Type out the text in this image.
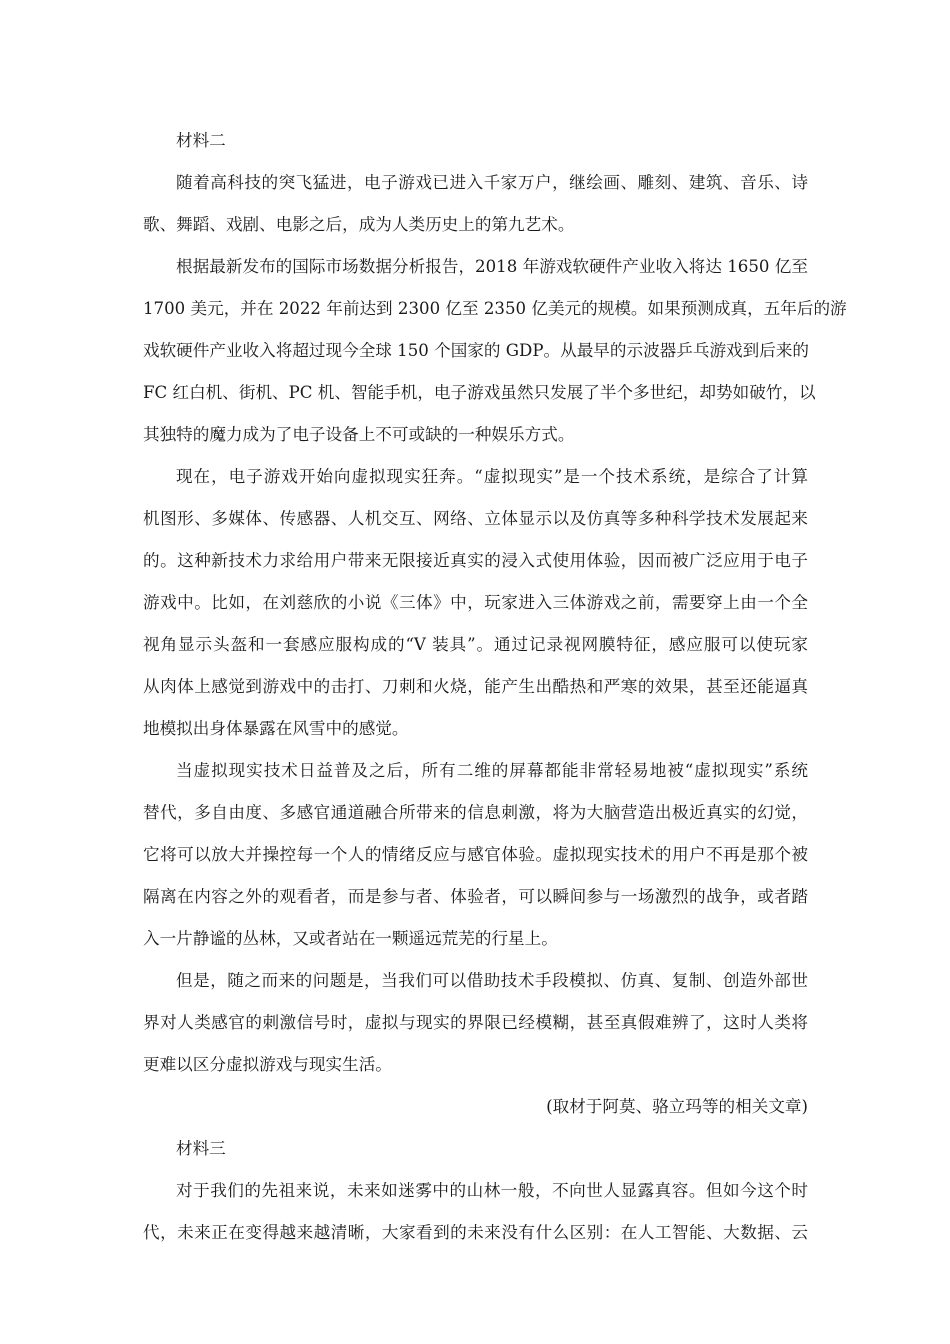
材料二
随着高科技的突飞猛进，电子游戏已进入千家万户，继绘画、雕刻、建筑、音乐、诗
歌、舞蹈、戏剧、电影之后，成为人类历史上的第九艺术。
根据最新发布的国际市场数据分析报告，2018 年游戏软硬件产业收入将达 1650 亿至
1700 美元，并在 2022 年前达到 2300 亿至 2350 亿美元的规模。如果预测成真，五年后的游
戏软硬件产业收入将超过现今全球 150 个国家的 GDP。从最早的示波器乒乓游戏到后来的
FC 红白机、街机、PC 机、智能手机，电子游戏虽然只发展了半个多世纪，却势如破竹，以
其独特的魔力成为了电子设备上不可或缺的一种娱乐方式。
现在，电子游戏开始向虚拟现实狂奔。“虚拟现实”是一个技术系统，是综合了计算
机图形、多媒体、传感器、人机交互、网络、立体显示以及仿真等多种科学技术发展起来
的。这种新技术力求给用户带来无限接近真实的浸入式使用体验，因而被广泛应用于电子
游戏中。比如，在刘慈欣的小说《三体》中，玩家进入三体游戏之前，需要穿上由一个全
视角显示头盔和一套感应服构成的“V 装具”。通过记录视网膜特征，感应服可以使玩家
从肉体上感觉到游戏中的击打、刀刺和火烧，能产生出酷热和严寒的效果，甚至还能逼真
地模拟出身体暴露在风雪中的感觉。
当虚拟现实技术日益普及之后，所有二维的屏幕都能非常轻易地被“虚拟现实”系统
替代，多自由度、多感官通道融合所带来的信息刺激，将为大脑营造出极近真实的幻觉，
它将可以放大并操控每一个人的情绪反应与感官体验。虚拟现实技术的用户不再是那个被
隔离在内容之外的观看者，而是参与者、体验者，可以瞬间参与一场激烈的战争，或者踏
入一片静谧的丛林，又或者站在一颗遥远荒芜的行星上。
但是，随之而来的问题是，当我们可以借助技术手段模拟、仿真、复制、创造外部世
界对人类感官的刺激信号时，虚拟与现实的界限已经模糊，甚至真假难辨了，这时人类将
更难以区分虚拟游戏与现实生活。
(取材于阿莫、骆立玛等的相关文章)
材料三
对于我们的先祖来说，未来如迷雾中的山林一般，不向世人显露真容。但如今这个时
代，未来正在变得越来越清晰，大家看到的未来没有什么区别：在人工智能、大数据、云
